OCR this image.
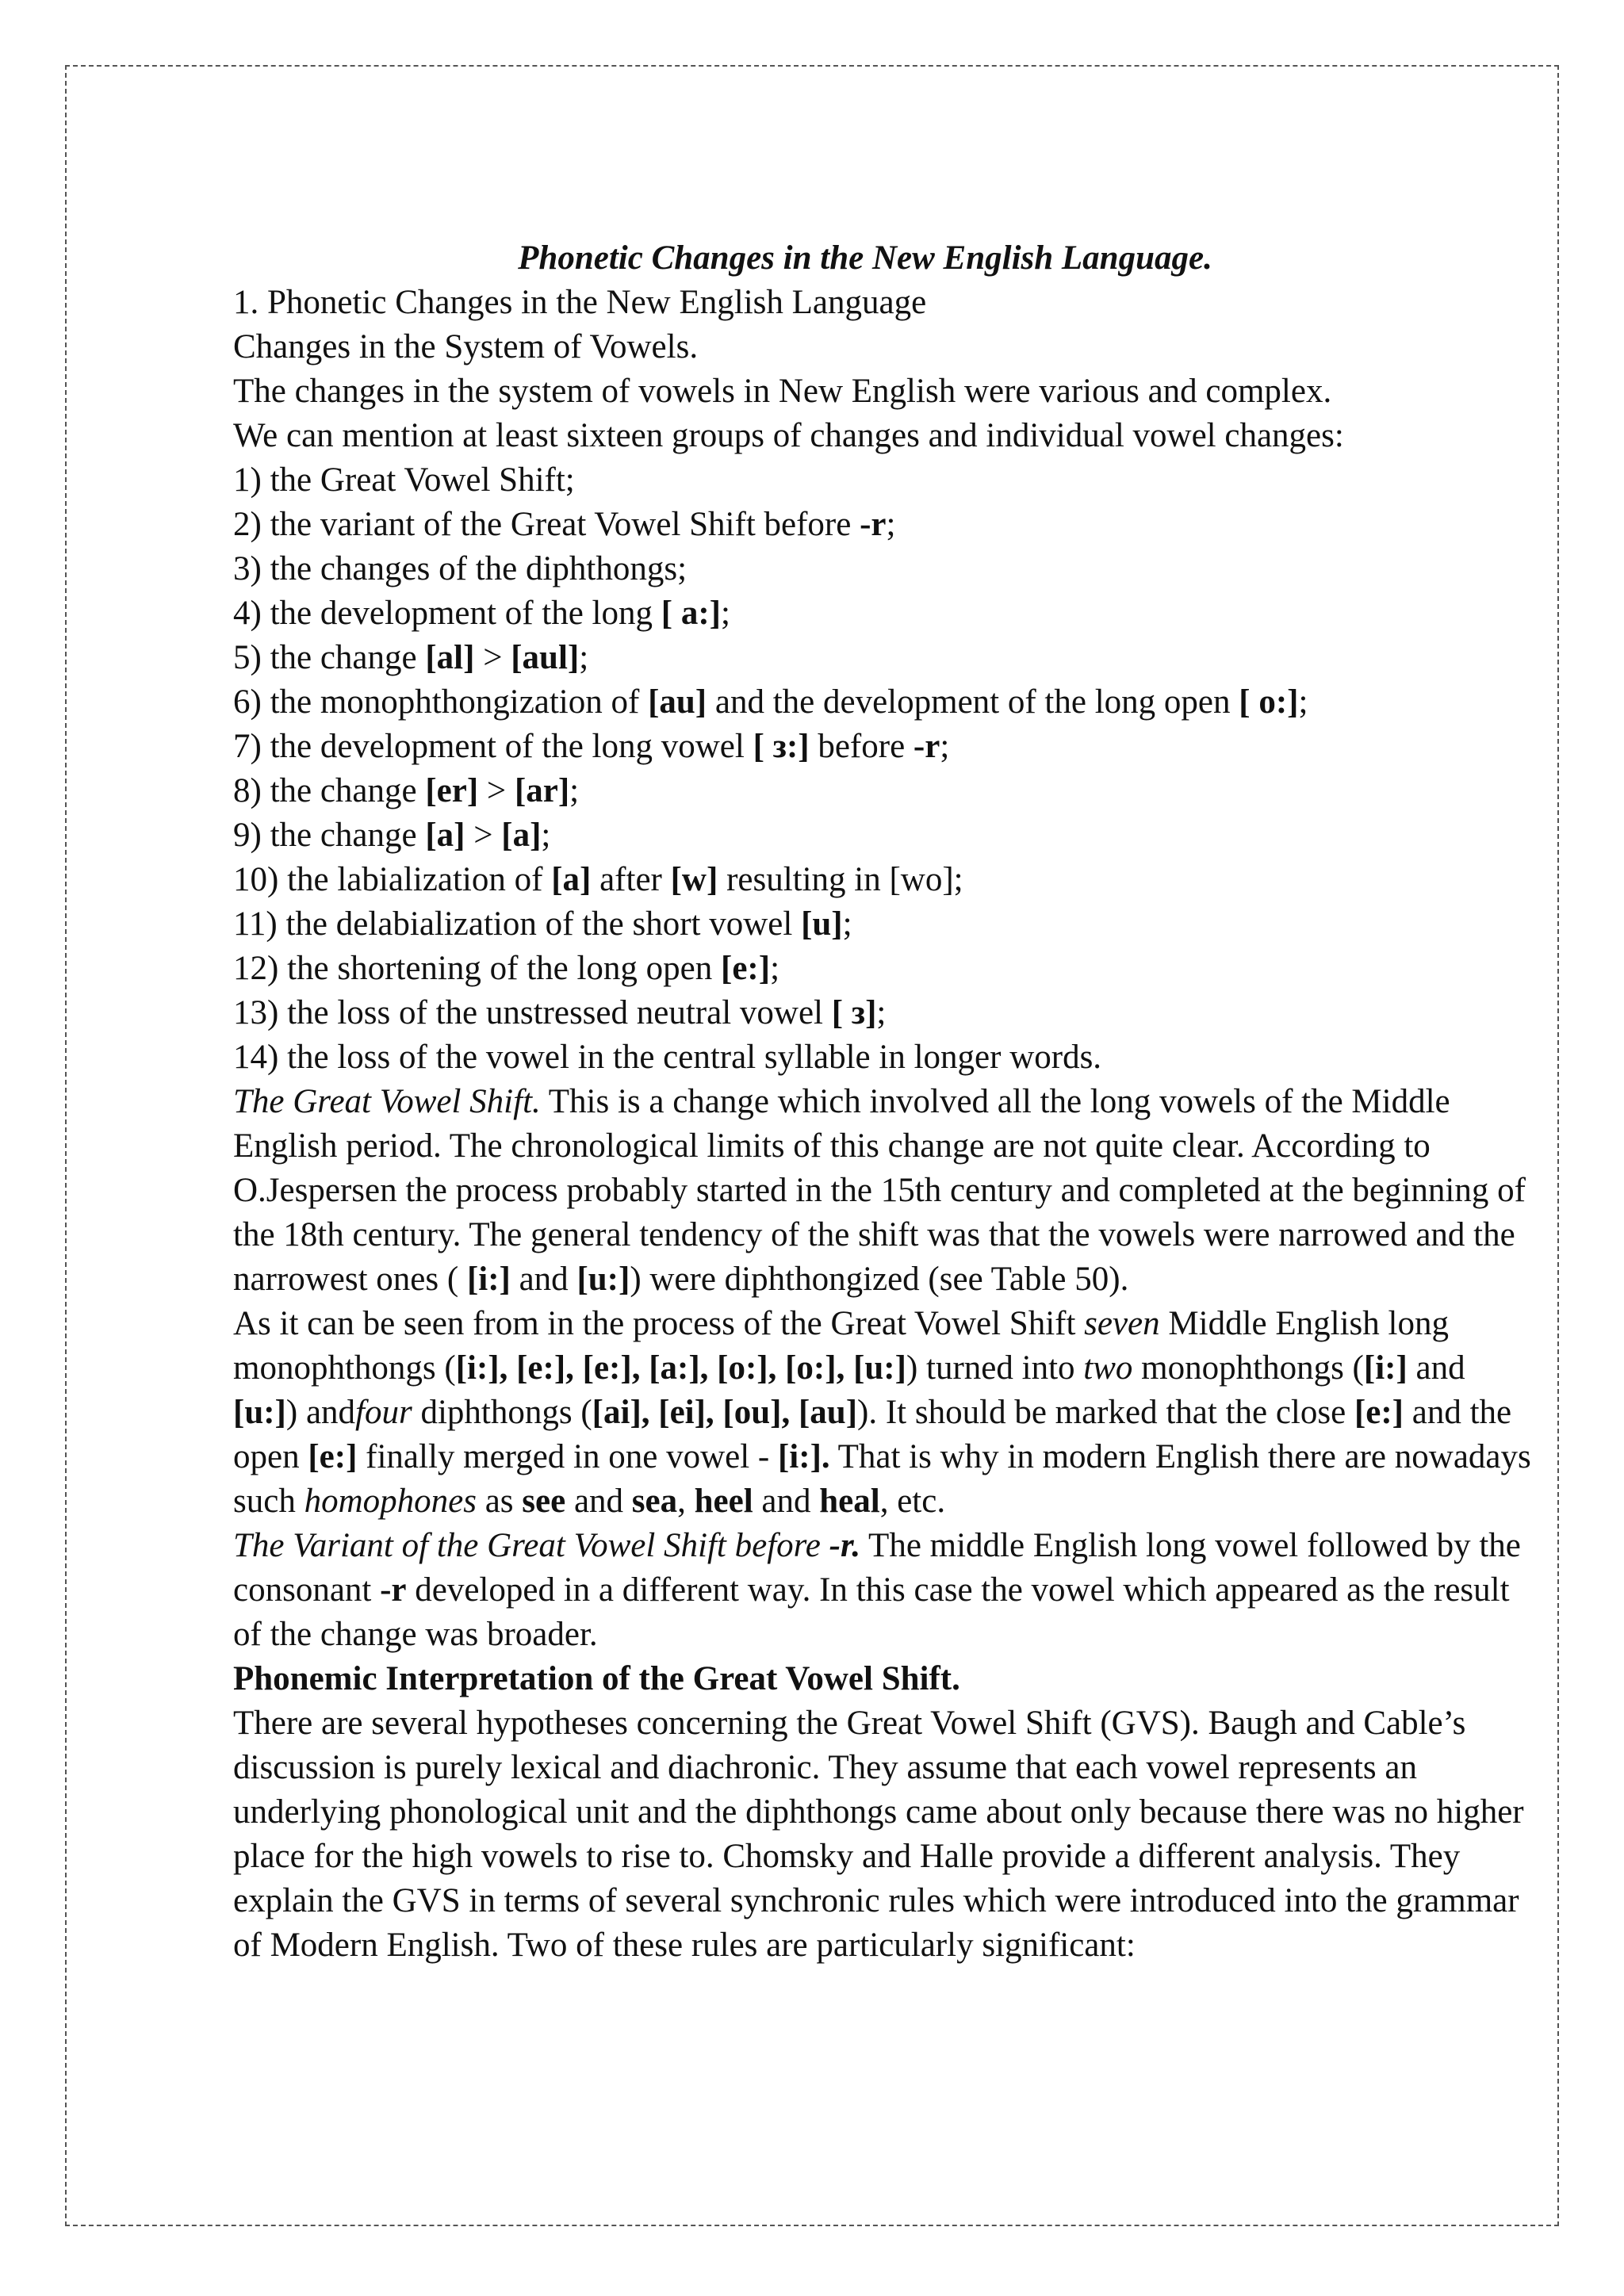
Phonetic Changes in the New English Language.

1. Phonetic Changes in the New English Language

Changes in the System of Vowels.

The changes in the system of vowels in New English were various and complex.

We can mention at least sixteen groups of changes and individual vowel changes:

1) the Great Vowel Shift;

2) the variant of the Great Vowel Shift before -r;

3) the changes of the diphthongs;

4) the development of the long [ a:];

5) the change [al] > [aul];

6) the monophthongization of [au] and the development of the long open [ o:];

7) the development of the long vowel [ з:] before -r;

8) the change [er] > [ar];

9) the change [a] > [a];

10) the labialization of [a] after [w] resulting in [wo];

11) the delabialization of the short vowel [u];

12) the shortening of the long open [e:];

13) the loss of the unstressed neutral vowel [ з];

14) the loss of the vowel in the central syllable in longer words.

The Great Vowel Shift. This is a change which involved all the long vowels of the Middle English period. The chronological limits of this change are not quite clear. According to O.Jespersen the process probably started in the 15th century and completed at the beginning of the 18th century. The general tendency of the shift was that the vowels were narrowed and the narrowest ones ( [i:] and [u:]) were diphthongized (see Table 50).

As it can be seen from in the process of the Great Vowel Shift seven Middle English long monophthongs ([i:], [e:], [e:], [a:], [o:], [o:], [u:]) turned into two monophthongs ([i:] and [u:]) andfour diphthongs ([ai], [ei], [ou], [au]). It should be marked that the close [e:] and the open [e:] finally merged in one vowel - [i:]. That is why in modern English there are nowadays such homophones as see and sea, heel and heal, etc.

The Variant of the Great Vowel Shift before -r. The middle English long vowel followed by the consonant -r developed in a different way. In this case the vowel which appeared as the result of the change was broader.

Phonemic Interpretation of the Great Vowel Shift.

There are several hypotheses concerning the Great Vowel Shift (GVS). Baugh and Cable’s discussion is purely lexical and diachronic. They assume that each vowel represents an underlying phonological unit and the diphthongs came about only because there was no higher place for the high vowels to rise to. Chomsky and Halle provide a different analysis. They explain the GVS in terms of several synchronic rules which were introduced into the grammar of Modern English. Two of these rules are particularly significant:
